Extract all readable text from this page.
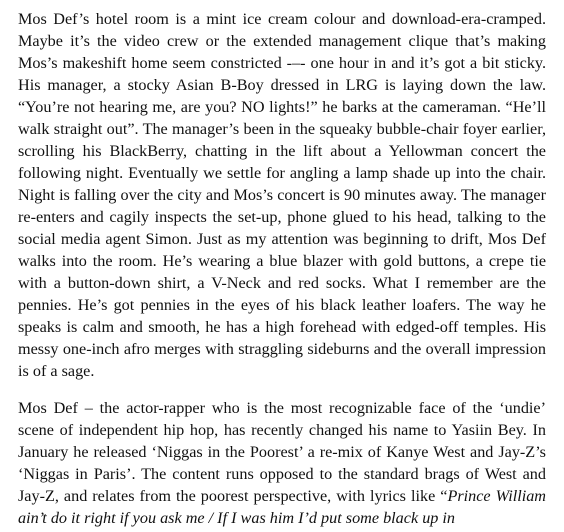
Mos Def’s hotel room is a mint ice cream colour and download-era-cramped. Maybe it’s the video crew or the extended management clique that’s making Mos’s makeshift home seem constricted -–- one hour in and it’s got a bit sticky. His manager, a stocky Asian B-Boy dressed in LRG is laying down the law. “You’re not hearing me, are you? NO lights!” he barks at the cameraman. “He’ll walk straight out”. The manager’s been in the squeaky bubble-chair foyer earlier, scrolling his BlackBerry, chatting in the lift about a Yellowman concert the following night. Eventually we settle for angling a lamp shade up into the chair. Night is falling over the city and Mos’s concert is 90 minutes away. The manager re-enters and cagily inspects the set-up, phone glued to his head, talking to the social media agent Simon. Just as my attention was beginning to drift, Mos Def walks into the room. He’s wearing a blue blazer with gold buttons, a crepe tie with a button-down shirt, a V-Neck and red socks. What I remember are the pennies. He’s got pennies in the eyes of his black leather loafers. The way he speaks is calm and smooth, he has a high forehead with edged-off temples. His messy one-inch afro merges with straggling sideburns and the overall impression is of a sage.

Mos Def – the actor-rapper who is the most recognizable face of the ‘undie’ scene of independent hip hop, has recently changed his name to Yasiin Bey. In January he released ‘Niggas in the Poorest’ a re-mix of Kanye West and Jay-Z’s ‘Niggas in Paris’. The content runs opposed to the standard brags of West and Jay-Z, and relates from the poorest perspective, with lyrics like “Prince William ain’t do it right if you ask me / If I was him I’d put some black up in
